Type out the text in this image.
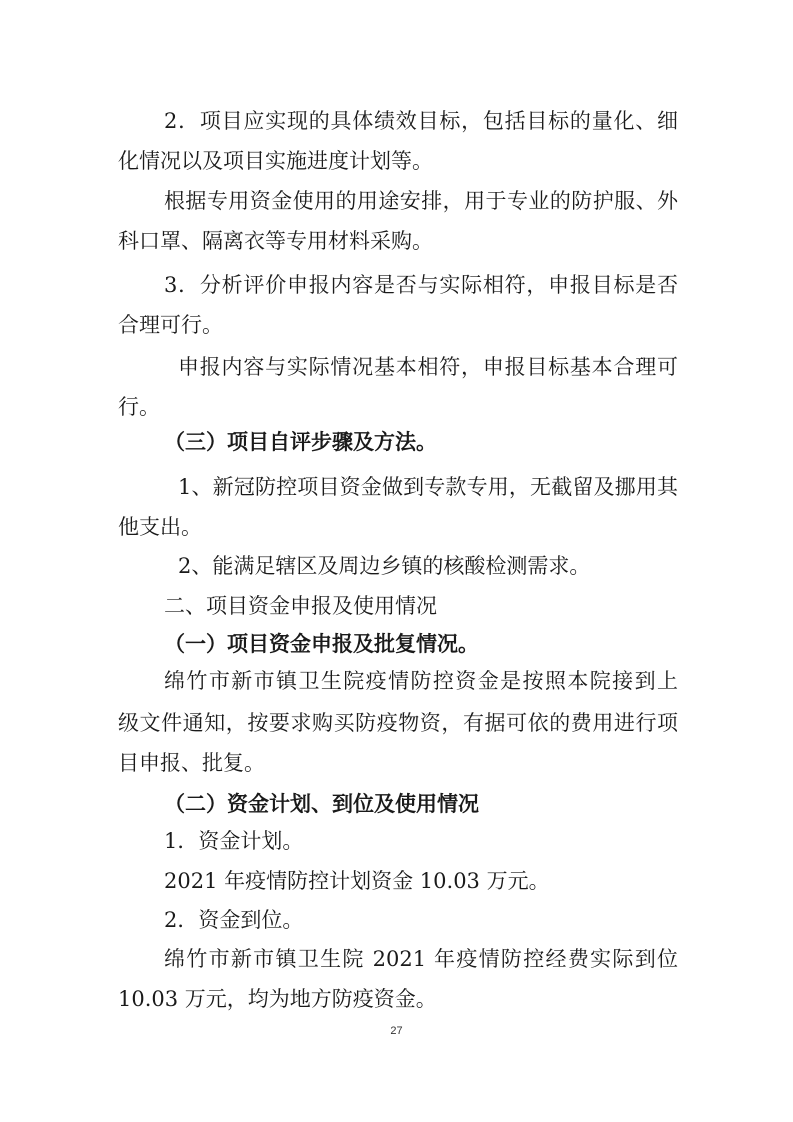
2．项目应实现的具体绩效目标，包括目标的量化、细

化情况以及项目实施进度计划等。

根据专用资金使用的用途安排，用于专业的防护服、外

科口罩、隔离衣等专用材料采购。

3．分析评价申报内容是否与实际相符，申报目标是否

合理可行。

申报内容与实际情况基本相符，申报目标基本合理可

行。

（三）项目自评步骤及方法。

1、新冠防控项目资金做到专款专用，无截留及挪用其

他支出。

2、能满足辖区及周边乡镇的核酸检测需求。

二、项目资金申报及使用情况

（一）项目资金申报及批复情况。

绵竹市新市镇卫生院疫情防控资金是按照本院接到上

级文件通知，按要求购买防疫物资，有据可依的费用进行项

目申报、批复。

（二）资金计划、到位及使用情况

1．资金计划。

2021 年疫情防控计划资金 10.03 万元。

2．资金到位。

绵竹市新市镇卫生院 2021 年疫情防控经费实际到位

10.03 万元，均为地方防疫资金。

27
